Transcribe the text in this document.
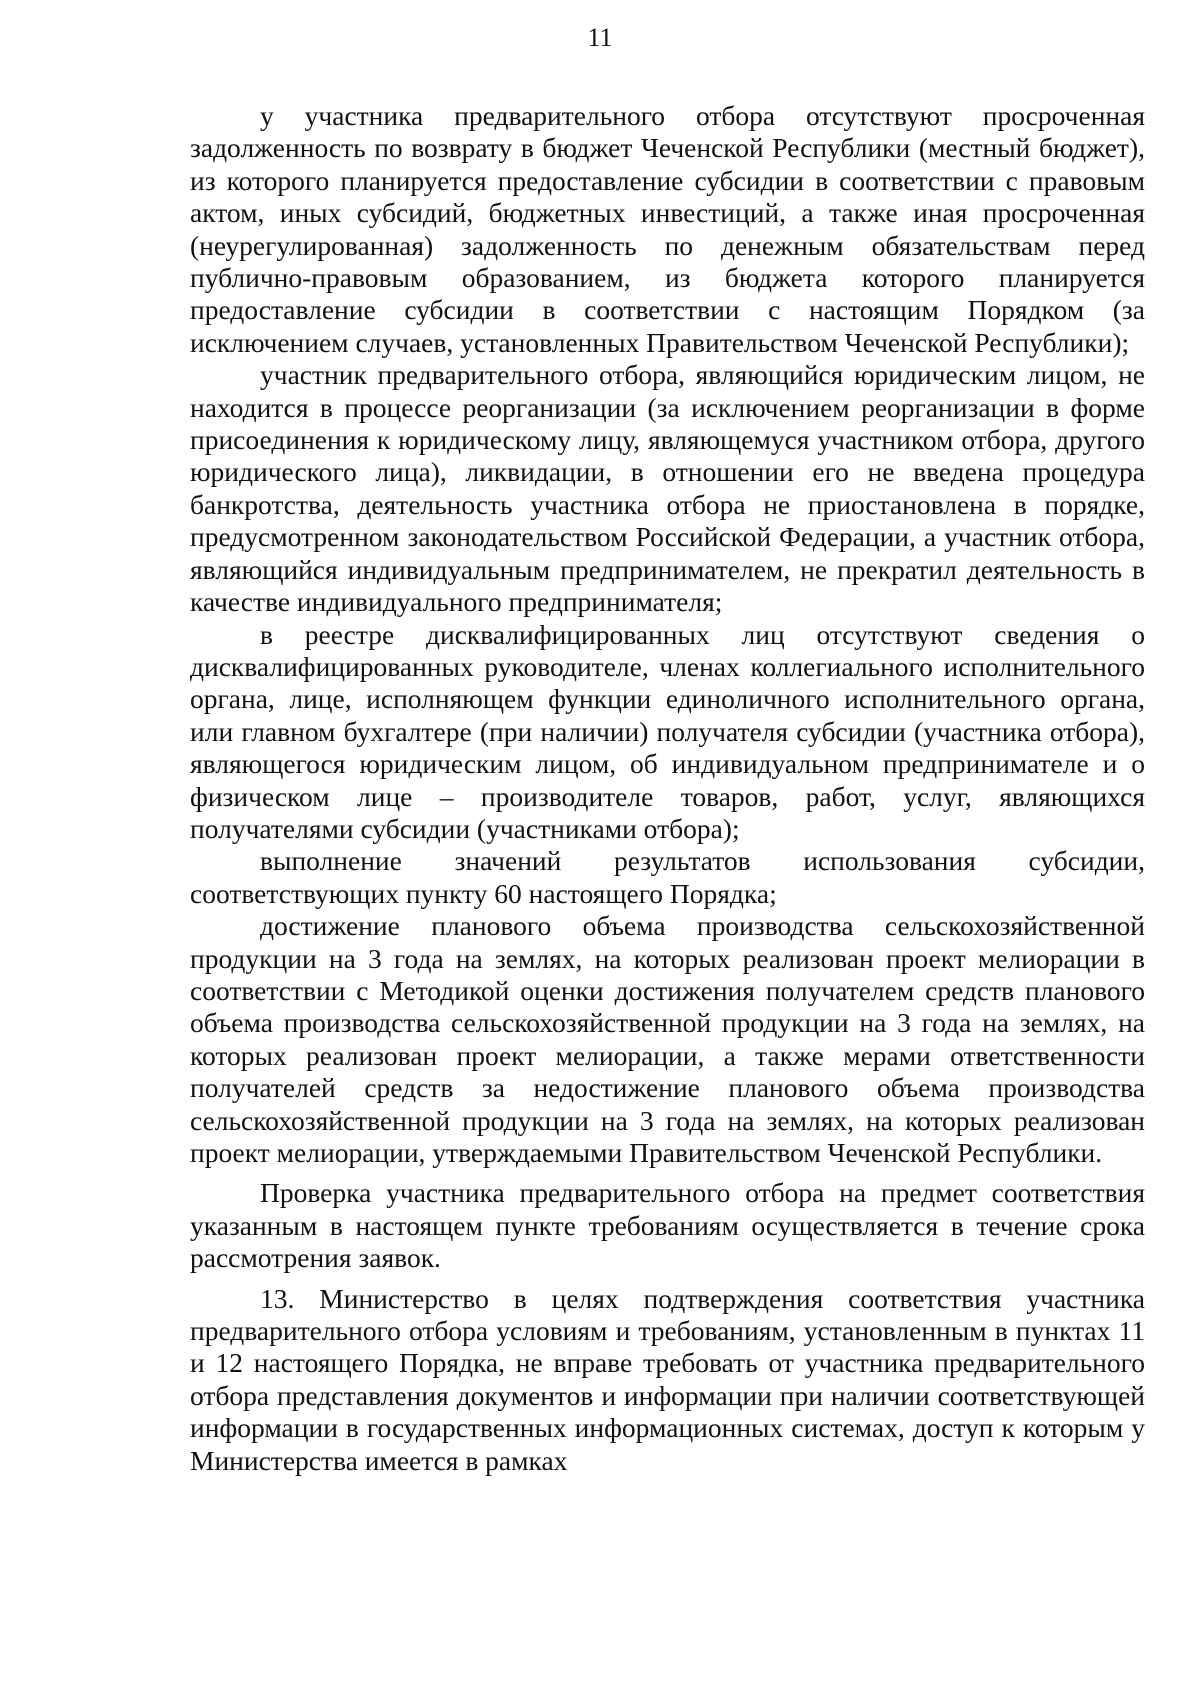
11

у участника предварительного отбора отсутствуют просроченная задолженность по возврату в бюджет Чеченской Республики (местный бюджет), из которого планируется предоставление субсидии в соответствии с правовым актом, иных субсидий, бюджетных инвестиций, а также иная просроченная (неурегулированная) задолженность по денежным обязательствам перед публично-правовым образованием, из бюджета которого планируется предоставление субсидии в соответствии с настоящим Порядком (за исключением случаев, установленных Правительством Чеченской Республики);

участник предварительного отбора, являющийся юридическим лицом, не находится в процессе реорганизации (за исключением реорганизации в форме присоединения к юридическому лицу, являющемуся участником отбора, другого юридического лица), ликвидации, в отношении его не введена процедура банкротства, деятельность участника отбора не приостановлена в порядке, предусмотренном законодательством Российской Федерации, а участник отбора, являющийся индивидуальным предпринимателем, не прекратил деятельность в качестве индивидуального предпринимателя;

в реестре дисквалифицированных лиц отсутствуют сведения о дисквалифицированных руководителе, членах коллегиального исполнительного органа, лице, исполняющем функции единоличного исполнительного органа, или главном бухгалтере (при наличии) получателя субсидии (участника отбора), являющегося юридическим лицом, об индивидуальном предпринимателе и о физическом лице – производителе товаров, работ, услуг, являющихся получателями субсидии (участниками отбора);

выполнение значений результатов использования субсидии, соответствующих пункту 60 настоящего Порядка;

достижение планового объема производства сельскохозяйственной продукции на 3 года на землях, на которых реализован проект мелиорации в соответствии с Методикой оценки достижения получателем средств планового объема производства сельскохозяйственной продукции на 3 года на землях, на которых реализован проект мелиорации, а также мерами ответственности получателей средств за недостижение планового объема производства сельскохозяйственной продукции на 3 года на землях, на которых реализован проект мелиорации, утверждаемыми Правительством Чеченской Республики.

Проверка участника предварительного отбора на предмет соответствия указанным в настоящем пункте требованиям осуществляется в течение срока рассмотрения заявок.

13. Министерство в целях подтверждения соответствия участника предварительного отбора условиям и требованиям, установленным в пунктах 11 и 12 настоящего Порядка, не вправе требовать от участника предварительного отбора представления документов и информации при наличии соответствующей информации в государственных информационных системах, доступ к которым у Министерства имеется в рамках
